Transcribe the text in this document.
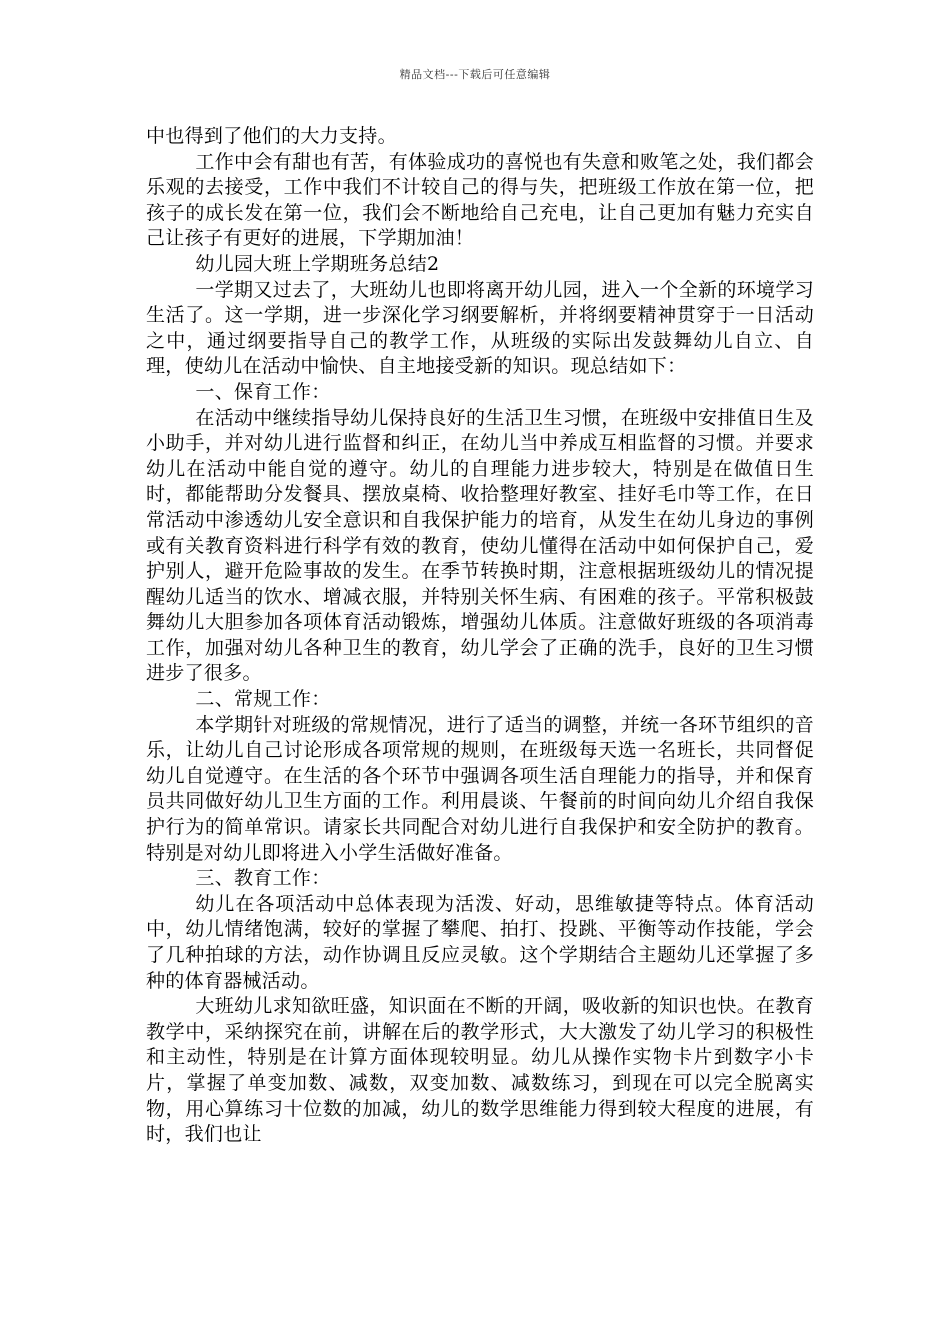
精品文档---下载后可任意编辑

中也得到了他们的大力支持。

工作中会有甜也有苦，有体验成功的喜悦也有失意和败笔之处，我们都会乐观的去接受，工作中我们不计较自己的得与失，把班级工作放在第一位，把孩子的成长发在第一位，我们会不断地给自己充电，让自己更加有魅力充实自己让孩子有更好的进展，下学期加油！

幼儿园大班上学期班务总结2

一学期又过去了，大班幼儿也即将离开幼儿园，进入一个全新的环境学习生活了。这一学期，进一步深化学习纲要解析，并将纲要精神贯穿于一日活动之中，通过纲要指导自己的教学工作，从班级的实际出发鼓舞幼儿自立、自理，使幼儿在活动中愉快、自主地接受新的知识。现总结如下：

一、保育工作：

在活动中继续指导幼儿保持良好的生活卫生习惯，在班级中安排值日生及小助手，并对幼儿进行监督和纠正，在幼儿当中养成互相监督的习惯。并要求幼儿在活动中能自觉的遵守。幼儿的自理能力进步较大，特别是在做值日生时，都能帮助分发餐具、摆放桌椅、收拾整理好教室、挂好毛巾等工作，在日常活动中渗透幼儿安全意识和自我保护能力的培育，从发生在幼儿身边的事例或有关教育资料进行科学有效的教育，使幼儿懂得在活动中如何保护自己，爱护别人，避开危险事故的发生。在季节转换时期，注意根据班级幼儿的情况提醒幼儿适当的饮水、增减衣服，并特别关怀生病、有困难的孩子。平常积极鼓舞幼儿大胆参加各项体育活动锻炼，增强幼儿体质。注意做好班级的各项消毒工作，加强对幼儿各种卫生的教育，幼儿学会了正确的洗手，良好的卫生习惯进步了很多。

二、常规工作：

本学期针对班级的常规情况，进行了适当的调整，并统一各环节组织的音乐，让幼儿自己讨论形成各项常规的规则，在班级每天选一名班长，共同督促幼儿自觉遵守。在生活的各个环节中强调各项生活自理能力的指导，并和保育员共同做好幼儿卫生方面的工作。利用晨谈、午餐前的时间向幼儿介绍自我保护行为的简单常识。请家长共同配合对幼儿进行自我保护和安全防护的教育。特别是对幼儿即将进入小学生活做好准备。

三、教育工作：

幼儿在各项活动中总体表现为活泼、好动，思维敏捷等特点。体育活动中，幼儿情绪饱满，较好的掌握了攀爬、拍打、投跳、平衡等动作技能，学会了几种拍球的方法，动作协调且反应灵敏。这个学期结合主题幼儿还掌握了多种的体育器械活动。

大班幼儿求知欲旺盛，知识面在不断的开阔，吸收新的知识也快。在教育教学中，采纳探究在前，讲解在后的教学形式，大大激发了幼儿学习的积极性和主动性，特别是在计算方面体现较明显。幼儿从操作实物卡片到数字小卡片，掌握了单变加数、减数，双变加数、减数练习，到现在可以完全脱离实物，用心算练习十位数的加减，幼儿的数学思维能力得到较大程度的进展，有时，我们也让
